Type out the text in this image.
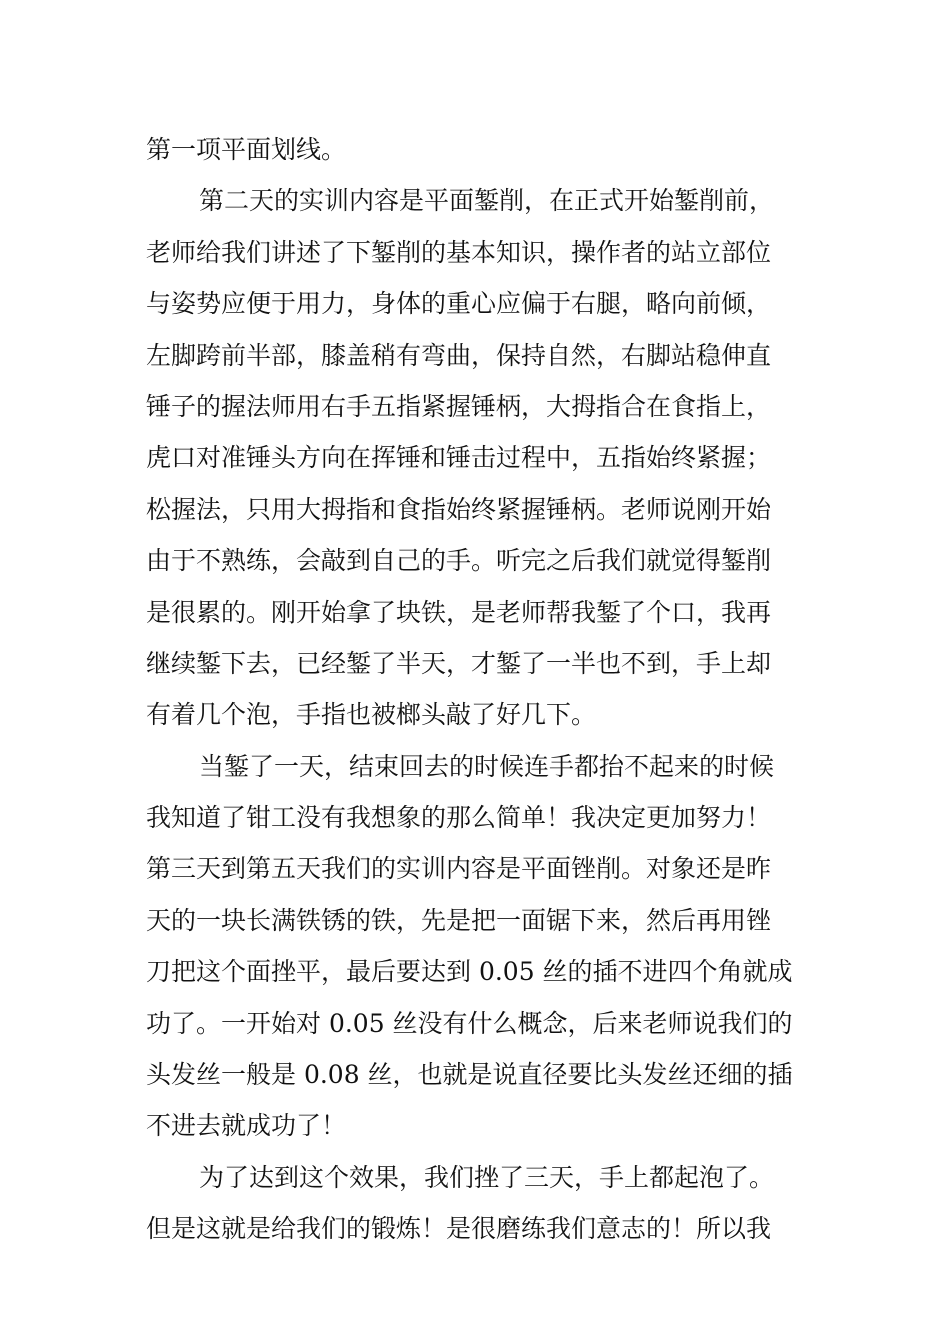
第一项平面划线。
第二天的实训内容是平面錾削，在正式开始錾削前，
老师给我们讲述了下錾削的基本知识，操作者的站立部位
与姿势应便于用力，身体的重心应偏于右腿，略向前倾，
左脚跨前半部，膝盖稍有弯曲，保持自然，右脚站稳伸直
锤子的握法师用右手五指紧握锤柄，大拇指合在食指上，
虎口对准锤头方向在挥锤和锤击过程中，五指始终紧握；
松握法，只用大拇指和食指始终紧握锤柄。老师说刚开始
由于不熟练，会敲到自己的手。听完之后我们就觉得錾削
是很累的。刚开始拿了块铁，是老师帮我錾了个口，我再
继续錾下去，已经錾了半天，才錾了一半也不到，手上却
有着几个泡，手指也被榔头敲了好几下。
当錾了一天，结束回去的时候连手都抬不起来的时候
我知道了钳工没有我想象的那么简单！我决定更加努力！
第三天到第五天我们的实训内容是平面锉削。对象还是昨
天的一块长满铁锈的铁，先是把一面锯下来，然后再用锉
刀把这个面挫平，最后要达到 0.05 丝的插不进四个角就成
功了。一开始对 0.05 丝没有什么概念，后来老师说我们的
头发丝一般是 0.08 丝，也就是说直径要比头发丝还细的插
不进去就成功了！
为了达到这个效果，我们挫了三天，手上都起泡了。
但是这就是给我们的锻炼！是很磨练我们意志的！所以我
